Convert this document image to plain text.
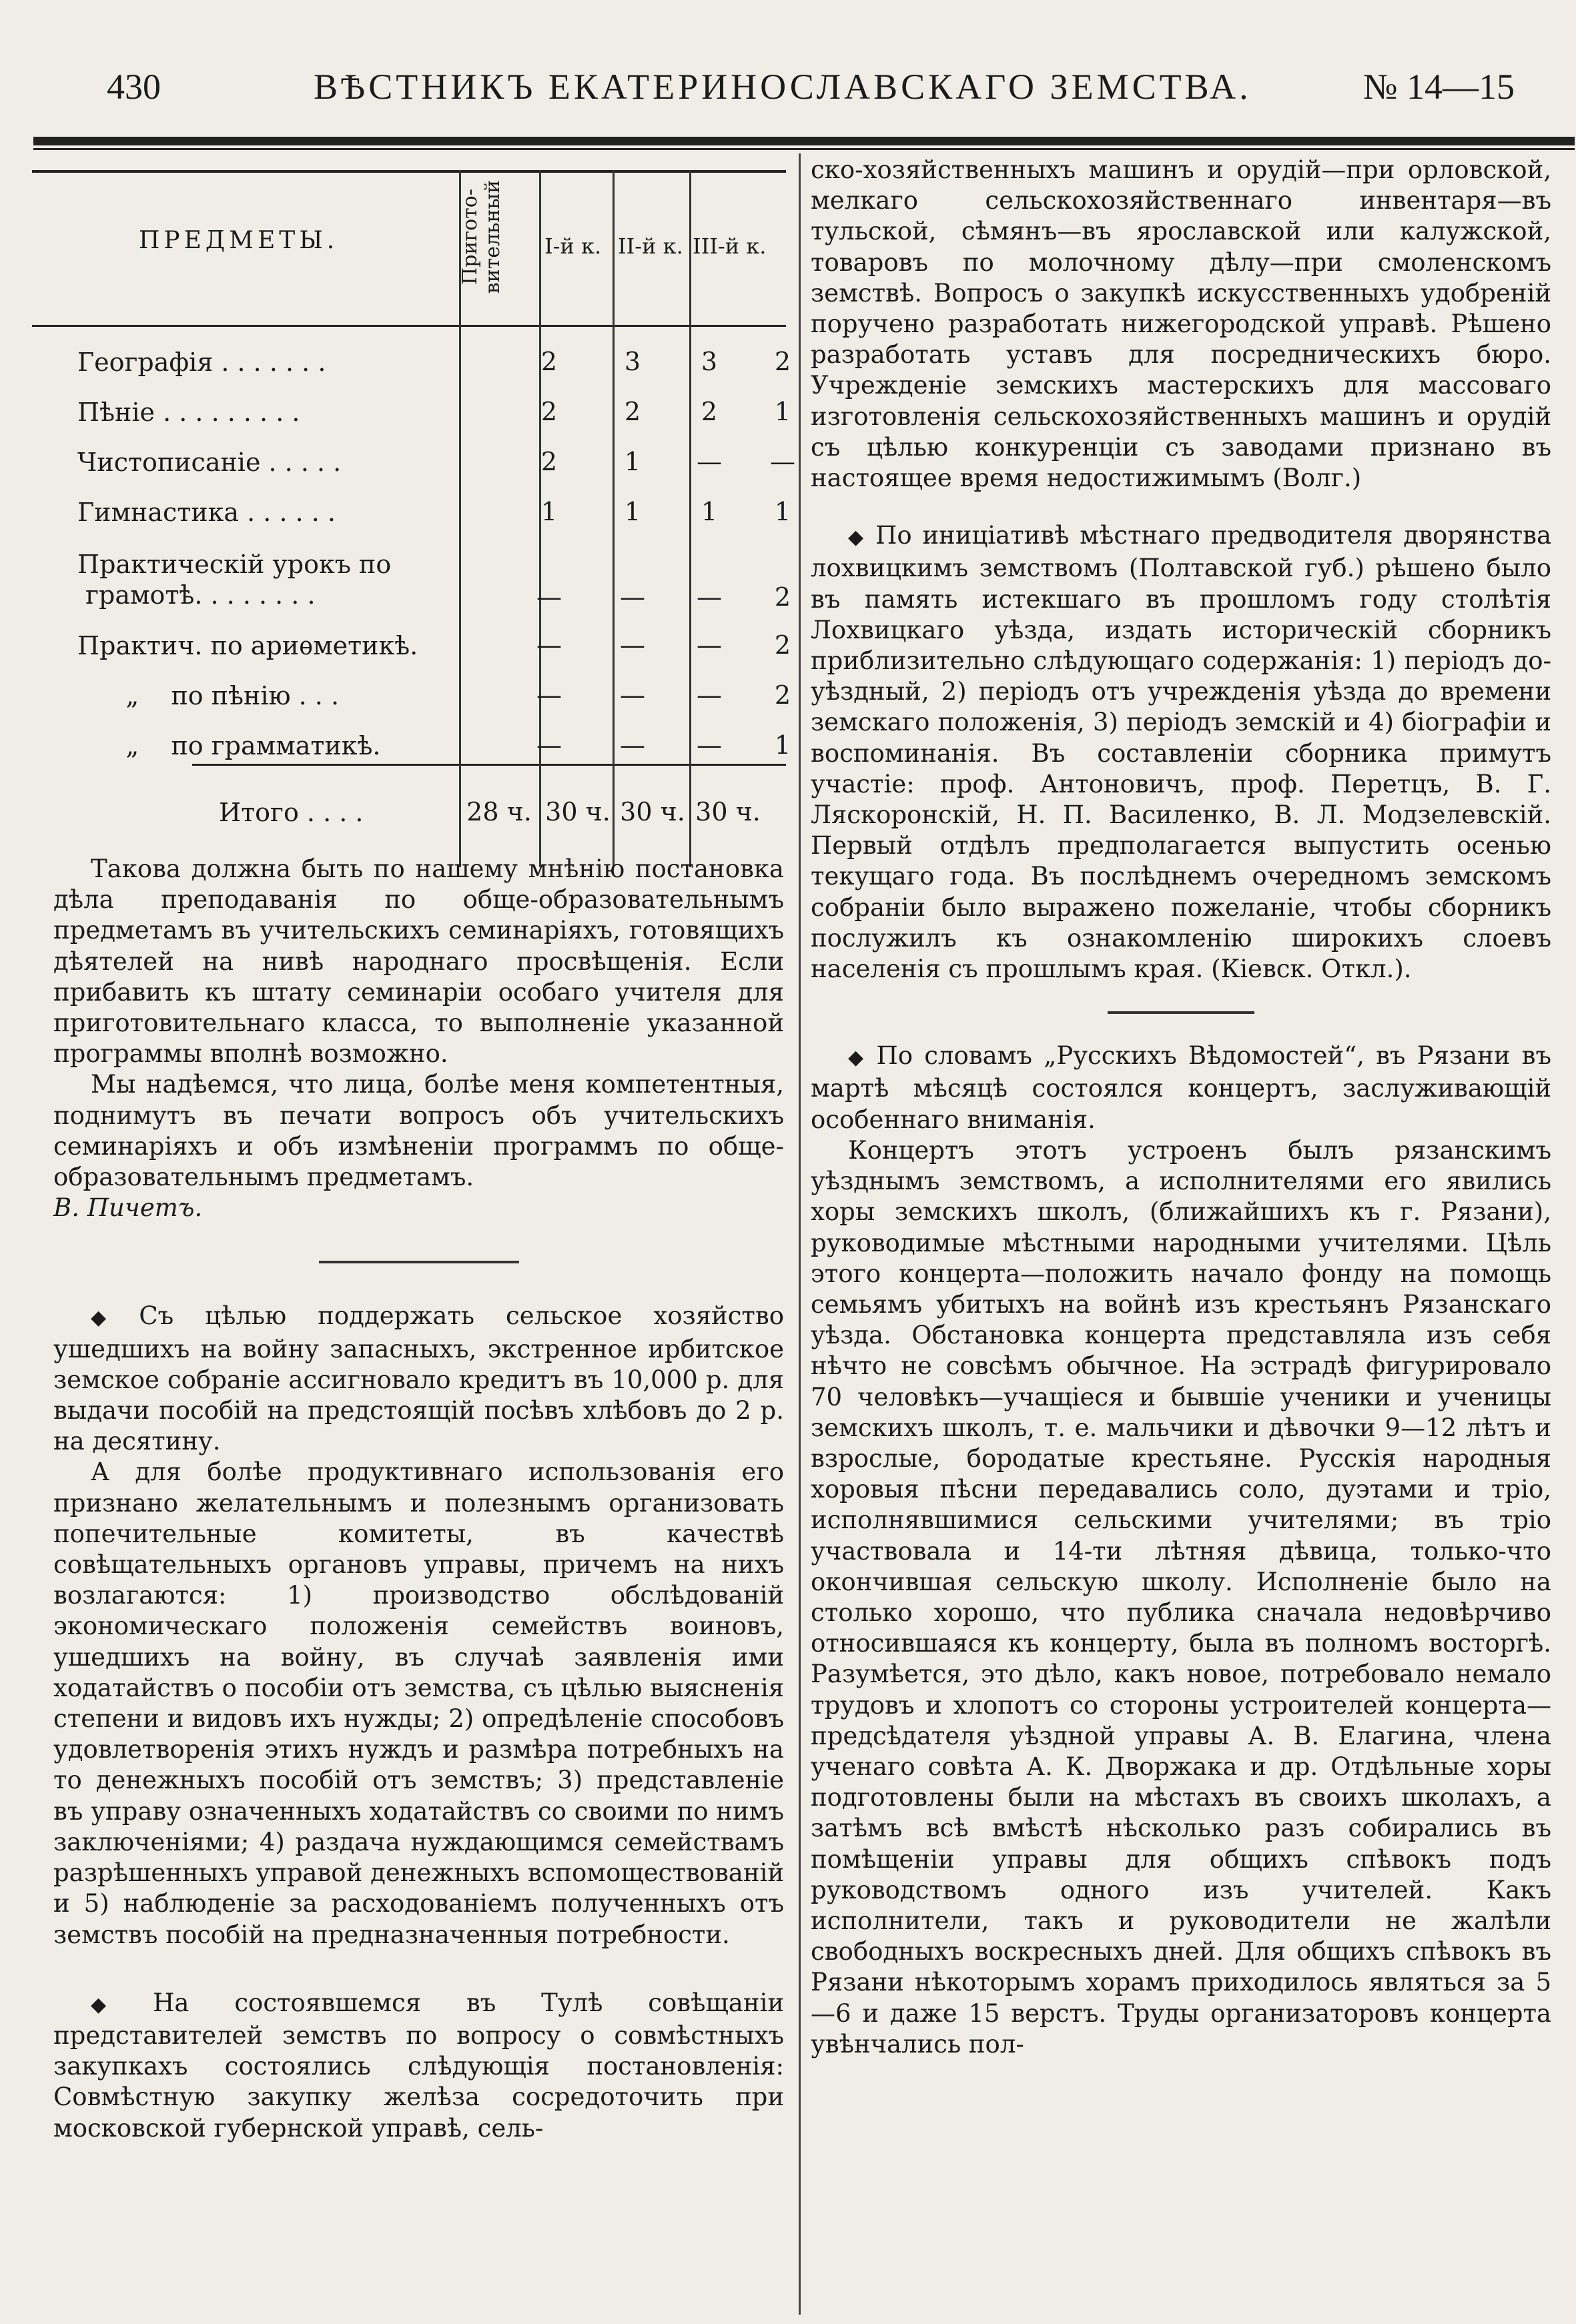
430	ВѢСТНИКЪ ЕКАТЕРИНОСЛАВСКАГО ЗЕМСТВА.	№ 14—15
ПРЕДМЕТЫ.	Пригото-вительный I-й к. II-й к. III-й к.
Географія . . . . . . .	2	3	3	2
Пѣніе . . . . . . . . .	2	2	2	1
Чистописаніе . . . . .	2	1	—	—
Гимнастика . . . . . .	1	1	1	1
Практическій урокъ по
грамотѣ. . . . . . . .	—	—	—	2
Практич. по ариѳметикѣ.	—	—	—	2
„    по пѣнію . . .	—	—	—	2
„    по грамматикѣ.	—	—	—	1
Итого . . . .	28 ч. 30 ч. 30 ч. 30 ч.

Такова должна быть по нашему мнѣнію постановка дѣла преподаванія по обще-образовательнымъ предметамъ въ учительскихъ семинаріяхъ, готовящихъ дѣятелей на нивѣ народнаго просвѣщенія. Если прибавить къ штату семинаріи особаго учителя для приготовительнаго класса, то выполненіе указанной программы вполнѣ возможно.

Мы надѣемся, что лица, болѣе меня компетентныя, поднимутъ въ печати вопросъ объ учительскихъ семинаріяхъ и объ измѣненіи программъ по обще-образовательнымъ предметамъ.

В. Пичетъ.

◆ Съ цѣлью поддержать сельское хозяйство ушедшихъ на войну запасныхъ, экстренное ирбитское земское собраніе ассигновало кредитъ въ 10,000 р. для выдачи пособій на предстоящій посѣвъ хлѣбовъ до 2 р. на десятину.

А для болѣе продуктивнаго использованія его признано желательнымъ и полезнымъ организовать попечительные комитеты, въ качествѣ совѣщательныхъ органовъ управы, причемъ на нихъ возлагаются: 1) производство обслѣдованій экономическаго положенія семействъ воиновъ, ушедшихъ на войну, въ случаѣ заявленія ими ходатайствъ о пособіи отъ земства, съ цѣлью выясненія степени и видовъ ихъ нужды; 2) опредѣленіе способовъ удовлетворенія этихъ нуждъ и размѣра потребныхъ на то денежныхъ пособій отъ земствъ; 3) представленіе въ управу означенныхъ ходатайствъ со своими по нимъ заключеніями; 4) раздача нуждающимся семействамъ разрѣшенныхъ управой денежныхъ вспомоществованій и 5) наблюденіе за расходованіемъ полученныхъ отъ земствъ пособій на предназначенныя потребности.

◆ На состоявшемся въ Тулѣ совѣщаніи представителей земствъ по вопросу о совмѣстныхъ закупкахъ состоялись слѣдующія постановленія: Совмѣстную закупку желѣза сосредоточить при московской губернской управѣ, сель-

ско-хозяйственныхъ машинъ и орудій—при орловской, мелкаго сельскохозяйственнаго инвентаря—въ тульской, сѣмянъ—въ ярославской или калужской, товаровъ по молочному дѣлу—при смоленскомъ земствѣ. Вопросъ о закупкѣ искусственныхъ удобреній поручено разработать нижегородской управѣ. Рѣшено разработать уставъ для посредническихъ бюро. Учрежденіе земскихъ мастерскихъ для массоваго изготовленія сельскохозяйственныхъ машинъ и орудій съ цѣлью конкуренціи съ заводами признано въ настоящее время недостижимымъ (Волг.)

◆ По иниціативѣ мѣстнаго предводителя дворянства лохвицкимъ земствомъ (Полтавской губ.) рѣшено было въ память истекшаго въ прошломъ году столѣтія Лохвицкаго уѣзда, издать историческій сборникъ приблизительно слѣдующаго содержанія: 1) періодъ до-уѣздный, 2) періодъ отъ учрежденія уѣзда до времени земскаго положенія, 3) періодъ земскій и 4) біографіи и воспоминанія. Въ составленіи сборника примутъ участіе: проф. Антоновичъ, проф. Перетцъ, В. Г. Ляскоронскій, Н. П. Василенко, В. Л. Модзелевскій. Первый отдѣлъ предполагается выпустить осенью текущаго года. Въ послѣднемъ очередномъ земскомъ собраніи было выражено пожеланіе, чтобы сборникъ послужилъ къ ознакомленію широкихъ слоевъ населенія съ прошлымъ края. (Кіевск. Откл.).

◆ По словамъ „Русскихъ Вѣдомостей“, въ Рязани въ мартѣ мѣсяцѣ состоялся концертъ, заслуживающій особеннаго вниманія.

Концертъ этотъ устроенъ былъ рязанскимъ уѣзднымъ земствомъ, а исполнителями его явились хоры земскихъ школъ, (ближайшихъ къ г. Рязани), руководимые мѣстными народными учителями. Цѣль этого концерта—положить начало фонду на помощь семьямъ убитыхъ на войнѣ изъ крестьянъ Рязанскаго уѣзда. Обстановка концерта представляла изъ себя нѣчто не совсѣмъ обычное. На эстрадѣ фигурировало 70 человѣкъ—учащіеся и бывшіе ученики и ученицы земскихъ школъ, т. е. мальчики и дѣвочки 9—12 лѣтъ и взрослые, бородатые крестьяне. Русскія народныя хоровыя пѣсни передавались соло, дуэтами и тріо, исполнявшимися сельскими учителями; въ тріо участвовала и 14-ти лѣтняя дѣвица, только-что окончившая сельскую школу. Исполненіе было на столько хорошо, что публика сначала недовѣрчиво относившаяся къ концерту, была въ полномъ восторгѣ. Разумѣется, это дѣло, какъ новое, потребовало немало трудовъ и хлопотъ со стороны устроителей концерта—предсѣдателя уѣздной управы А. В. Елагина, члена ученаго совѣта А. К. Дворжака и др. Отдѣльные хоры подготовлены были на мѣстахъ въ своихъ школахъ, а затѣмъ всѣ вмѣстѣ нѣсколько разъ собирались въ помѣщеніи управы для общихъ спѣвокъ подъ руководствомъ одного изъ учителей. Какъ исполнители, такъ и руководители не жалѣли свободныхъ воскресныхъ дней. Для общихъ спѣвокъ въ Рязани нѣкоторымъ хорамъ приходилось являться за 5—6 и даже 15 верстъ. Труды организаторовъ концерта увѣнчались пол-
